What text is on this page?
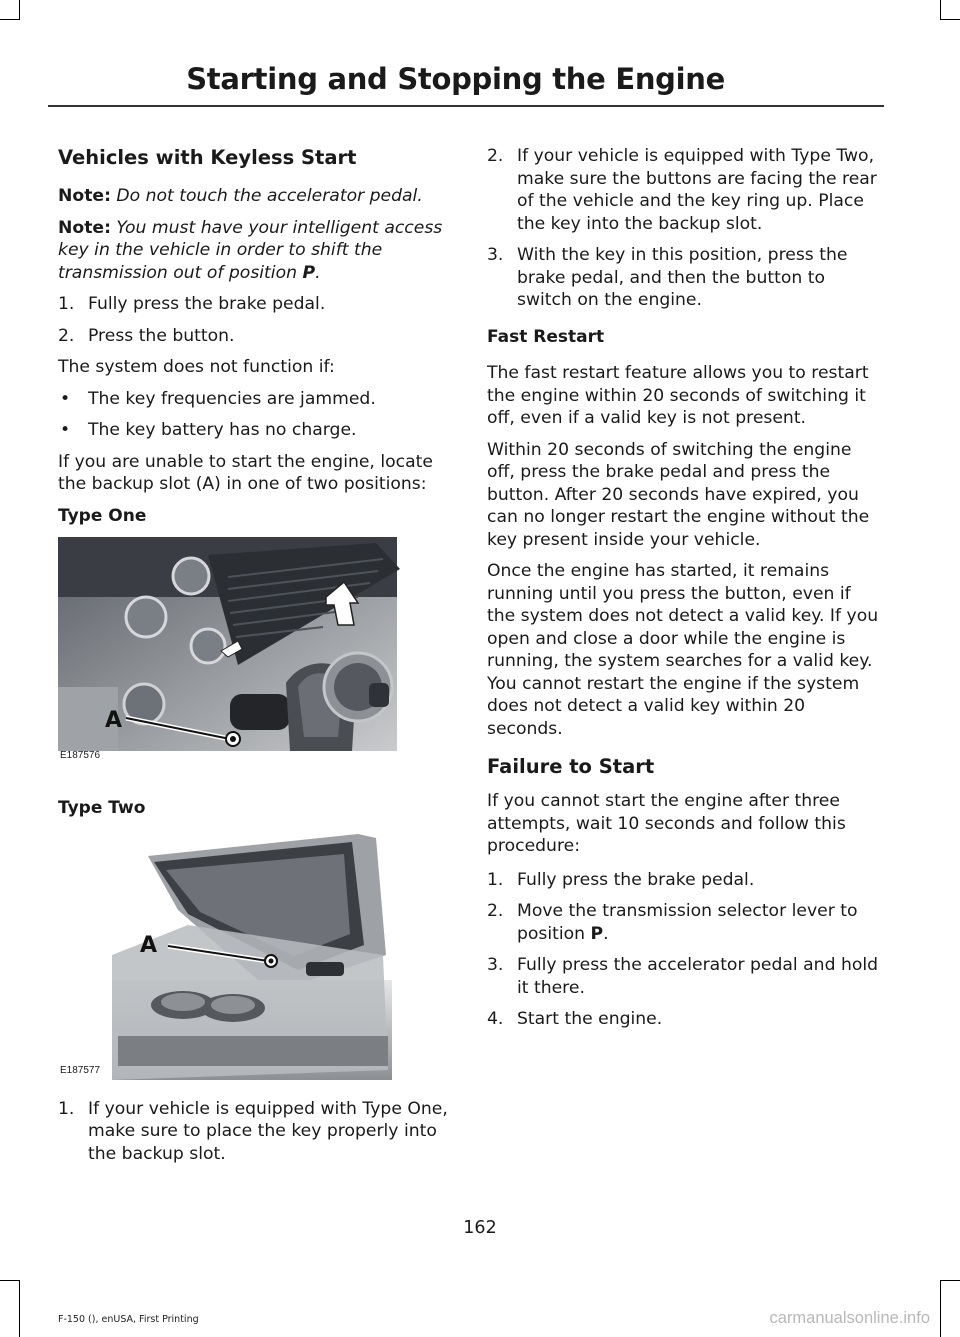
Starting and Stopping the Engine
Vehicles with Keyless Start

Note: Do not touch the accelerator pedal.

Note: You must have your intelligent access key in the vehicle in order to shift the transmission out of position P.

1. Fully press the brake pedal.
2. Press the button.

The system does not function if:

• The key frequencies are jammed.
• The key battery has no charge.

If you are unable to start the engine, locate the backup slot (A) in one of two positions:

Type One
A
E187576
Type Two
A
E187577
1. If your vehicle is equipped with Type One, make sure to place the key properly into the backup slot.
2. If your vehicle is equipped with Type Two, make sure the buttons are facing the rear of the vehicle and the key ring up. Place the key into the backup slot.
3. With the key in this position, press the brake pedal, and then the button to switch on the engine.
Fast Restart

The fast restart feature allows you to restart the engine within 20 seconds of switching it off, even if a valid key is not present.

Within 20 seconds of switching the engine off, press the brake pedal and press the button. After 20 seconds have expired, you can no longer restart the engine without the key present inside your vehicle.

Once the engine has started, it remains running until you press the button, even if the system does not detect a valid key. If you open and close a door while the engine is running, the system searches for a valid key. You cannot restart the engine if the system does not detect a valid key within 20 seconds.

Failure to Start

If you cannot start the engine after three attempts, wait 10 seconds and follow this procedure:

1. Fully press the brake pedal.
2. Move the transmission selector lever to position P.
3. Fully press the accelerator pedal and hold it there.
4. Start the engine.
162
F-150 (), enUSA, First Printing	carmanualsonline.info
